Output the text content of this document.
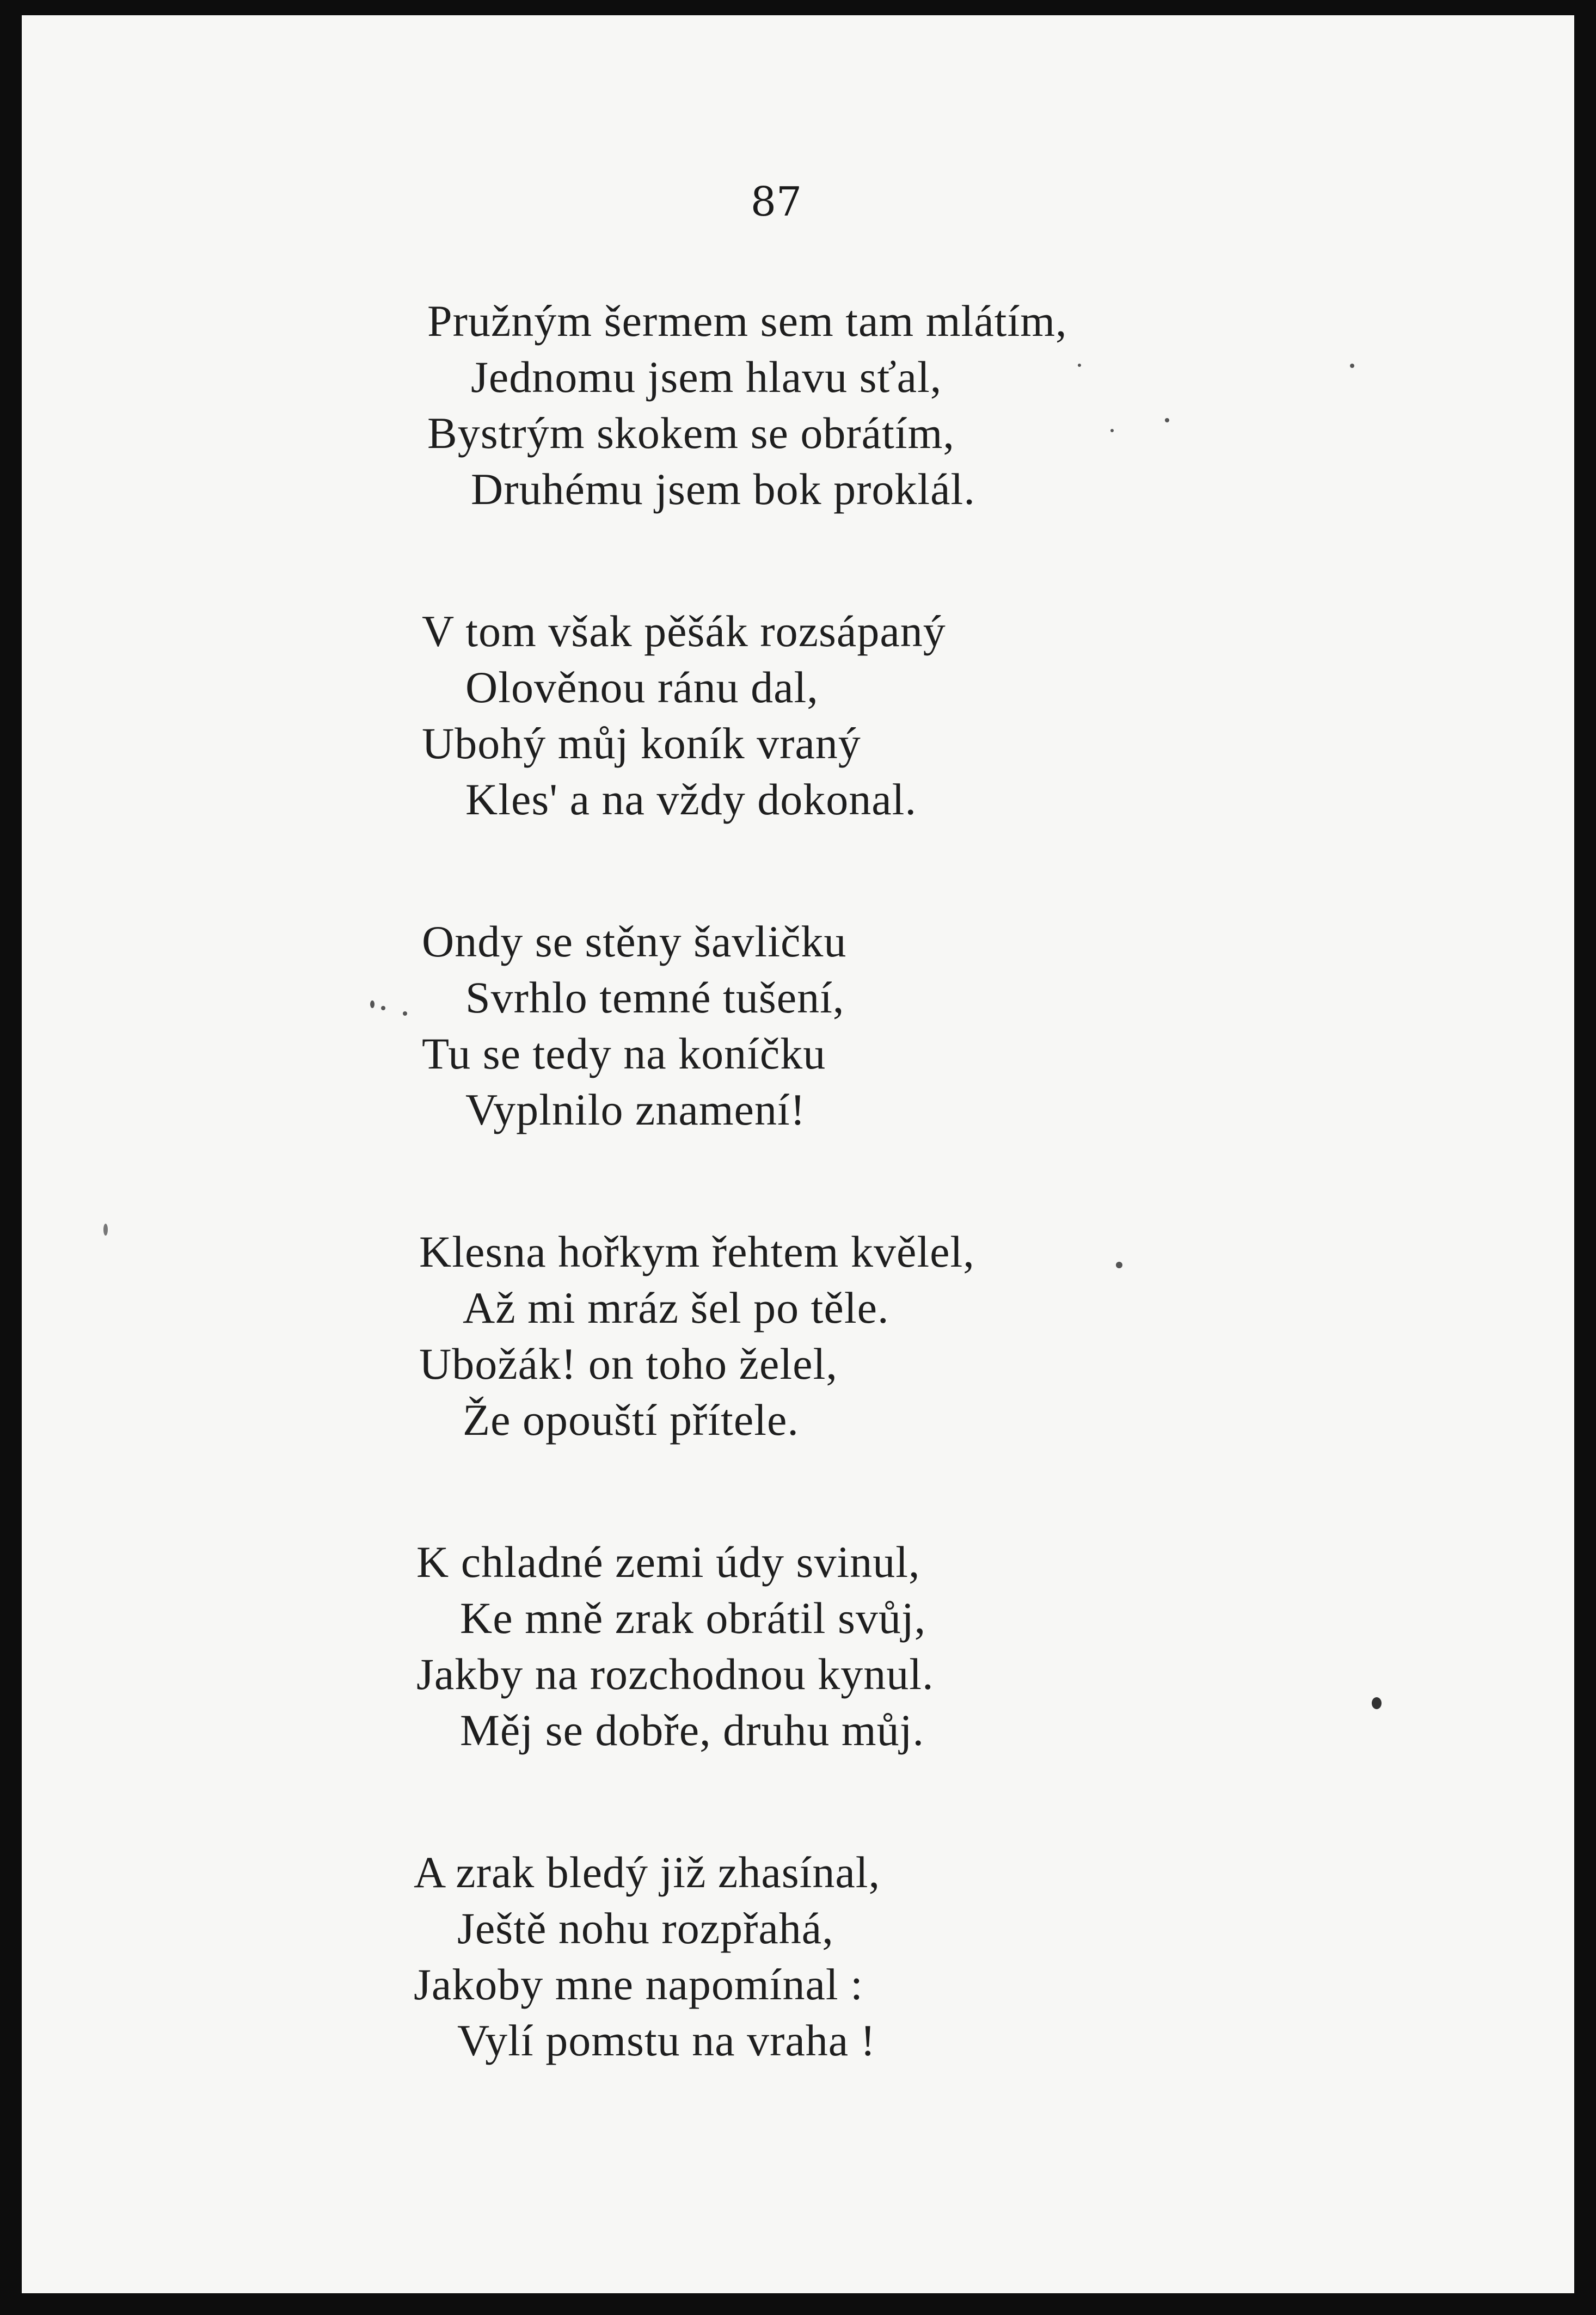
87
Pružným šermem sem tam mlátím,
Jednomu jsem hlavu sťal,
Bystrým skokem se obrátím,
Druhému jsem bok proklál.
V tom však pěšák rozsápaný
Olověnou ránu dal,
Ubohý můj koník vraný
Kles' a na vždy dokonal.
Ondy se stěny šavličku
Svrhlo temné tušení,
Tu se tedy na koníčku
Vyplnilo znamení!
Klesna hořkym řehtem kvělel,
Až mi mráz šel po těle.
Ubožák! on toho želel,
Že opouští přítele.
K chladné zemi údy svinul,
Ke mně zrak obrátil svůj,
Jakby na rozchodnou kynul.
Měj se dobře, druhu můj.
A zrak bledý již zhasínal,
Ještě nohu rozpřahá,
Jakoby mne napomínal :
Vylí pomstu na vraha !
